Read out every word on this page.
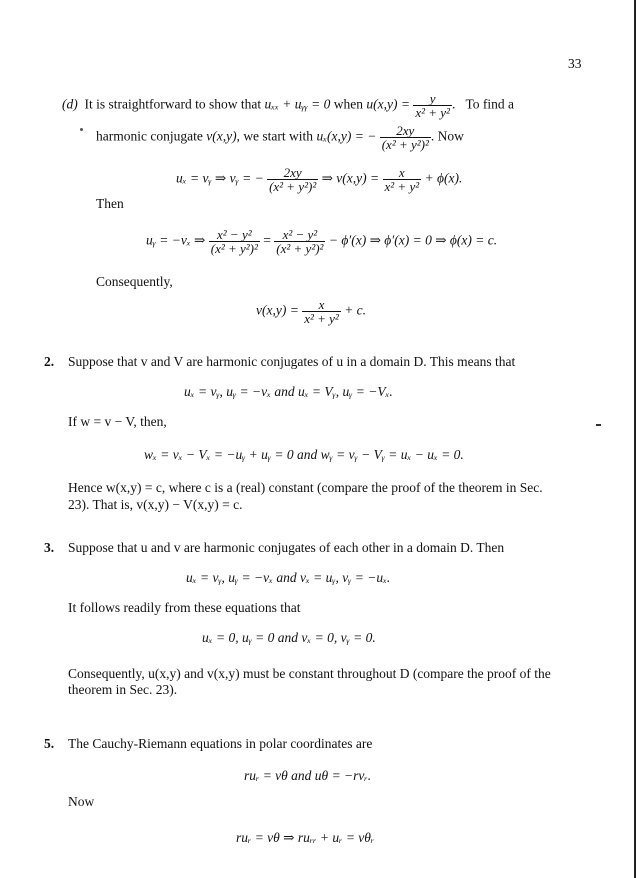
33
(d) It is straightforward to show that uₓₓ + uᵧᵧ = 0 when $u(x,y) = \frac{y}{\text{x² + y²}}$ .   To find a
harmonic conjugate v(x,y), we start with uₓ(x,y) = − $\frac{2xy}{\text{(x² + y²)²}}$ . Now
uₓ = vᵧ ⇒ vᵧ = − $\frac{2xy}{\text{(x² + y²)²}}$ ⇒ $v(x,y) = \frac{x}{\text{x² + y²}} + \phi(x)$.
Then
uᵧ = −vₓ ⇒ $\frac{\text{x² − y²}}{\text{(x² + y²)²}} = \frac{\text{x² − y²}}{\text{(x² + y²)²}} - \phi'(x)$ ⇒ ϕ′(x) = 0 ⇒ ϕ(x) = c.
Consequently,
$v(x,y) = \frac{x}{\text{x² + y²}} + c$.
2. Suppose that v and V are harmonic conjugates of u in a domain D. This means that
uₓ = vᵧ, uᵧ = −vₓ and uₓ = Vᵧ, uᵧ = −Vₓ.
If w = v − V, then,
wₓ = vₓ − Vₓ = −uᵧ + uᵧ = 0 and wᵧ = vᵧ − Vᵧ = uₓ − uₓ = 0.
Hence w(x,y) = c, where c is a (real) constant (compare the proof of the theorem in Sec.
23). That is, v(x,y) − V(x,y) = c.
3. Suppose that u and v are harmonic conjugates of each other in a domain D. Then
uₓ = vᵧ, uᵧ = −vₓ and vₓ = uᵧ, vᵧ = −uₓ.
It follows readily from these equations that
uₓ = 0, uᵧ = 0 and vₓ = 0, vᵧ = 0.
Consequently, u(x,y) and v(x,y) must be constant throughout D (compare the proof of the
theorem in Sec. 23).
5. The Cauchy-Riemann equations in polar coordinates are
ruᵣ = vθ and uθ = −rvᵣ.
Now
ruᵣ = vθ ⇒ ruᵣᵣ + uᵣ = vθᵣ
